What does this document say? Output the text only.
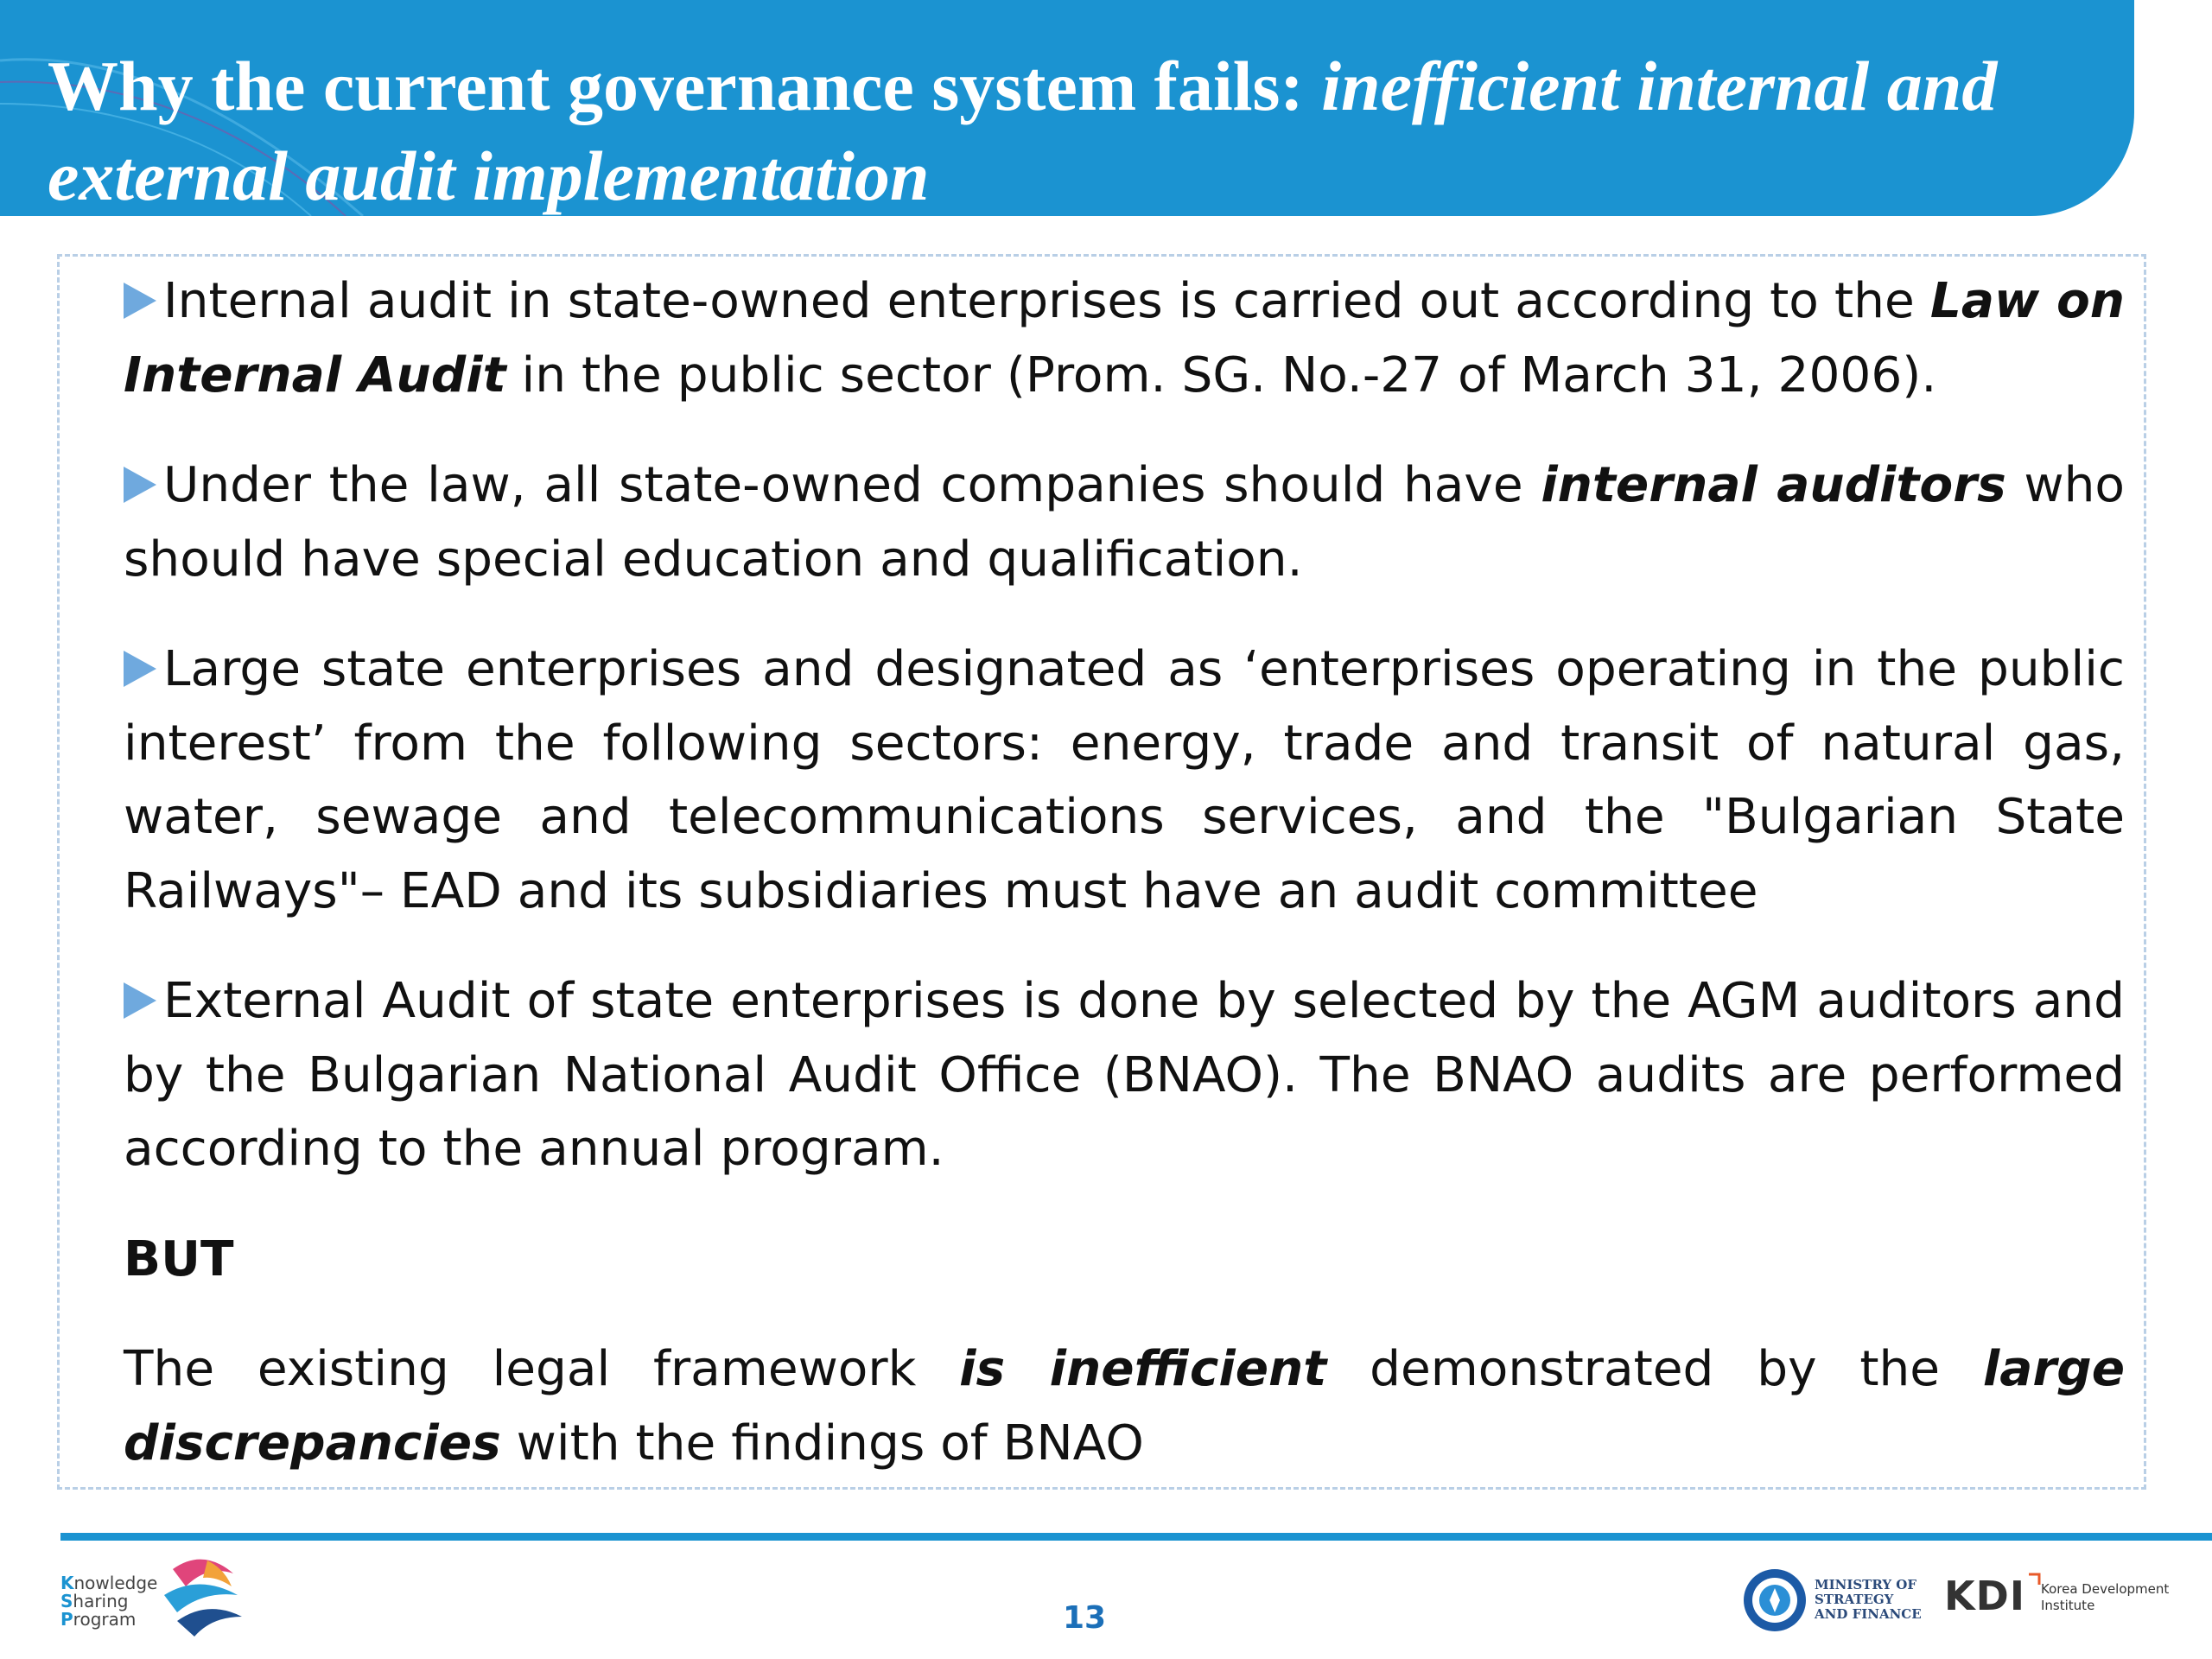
Why the current governance system fails: inefficient internal and external audit implementation

Internal audit in state-owned enterprises is carried out according to the Law on Internal Audit in the public sector (Prom. SG. No.-27 of March 31, 2006).

Under the law, all state-owned companies should have internal auditors who should have special education and qualification.

Large state enterprises and designated as ‘enterprises operating in the public interest’ from the following sectors: energy, trade and transit of natural gas, water, sewage and telecommunications services, and the "Bulgarian State Railways"– EAD and its subsidiaries must have an audit committee

External Audit of state enterprises is done by selected by the AGM auditors and by the Bulgarian National Audit Office (BNAO). The BNAO audits are performed according to the annual program.

BUT

The existing legal framework is inefficient demonstrated by the large discrepancies with the findings of BNAO

Knowledge
Sharing
Program	13
MINISTRY OF
STRATEGY
AND FINANCE KDI Korea Development
Institute
